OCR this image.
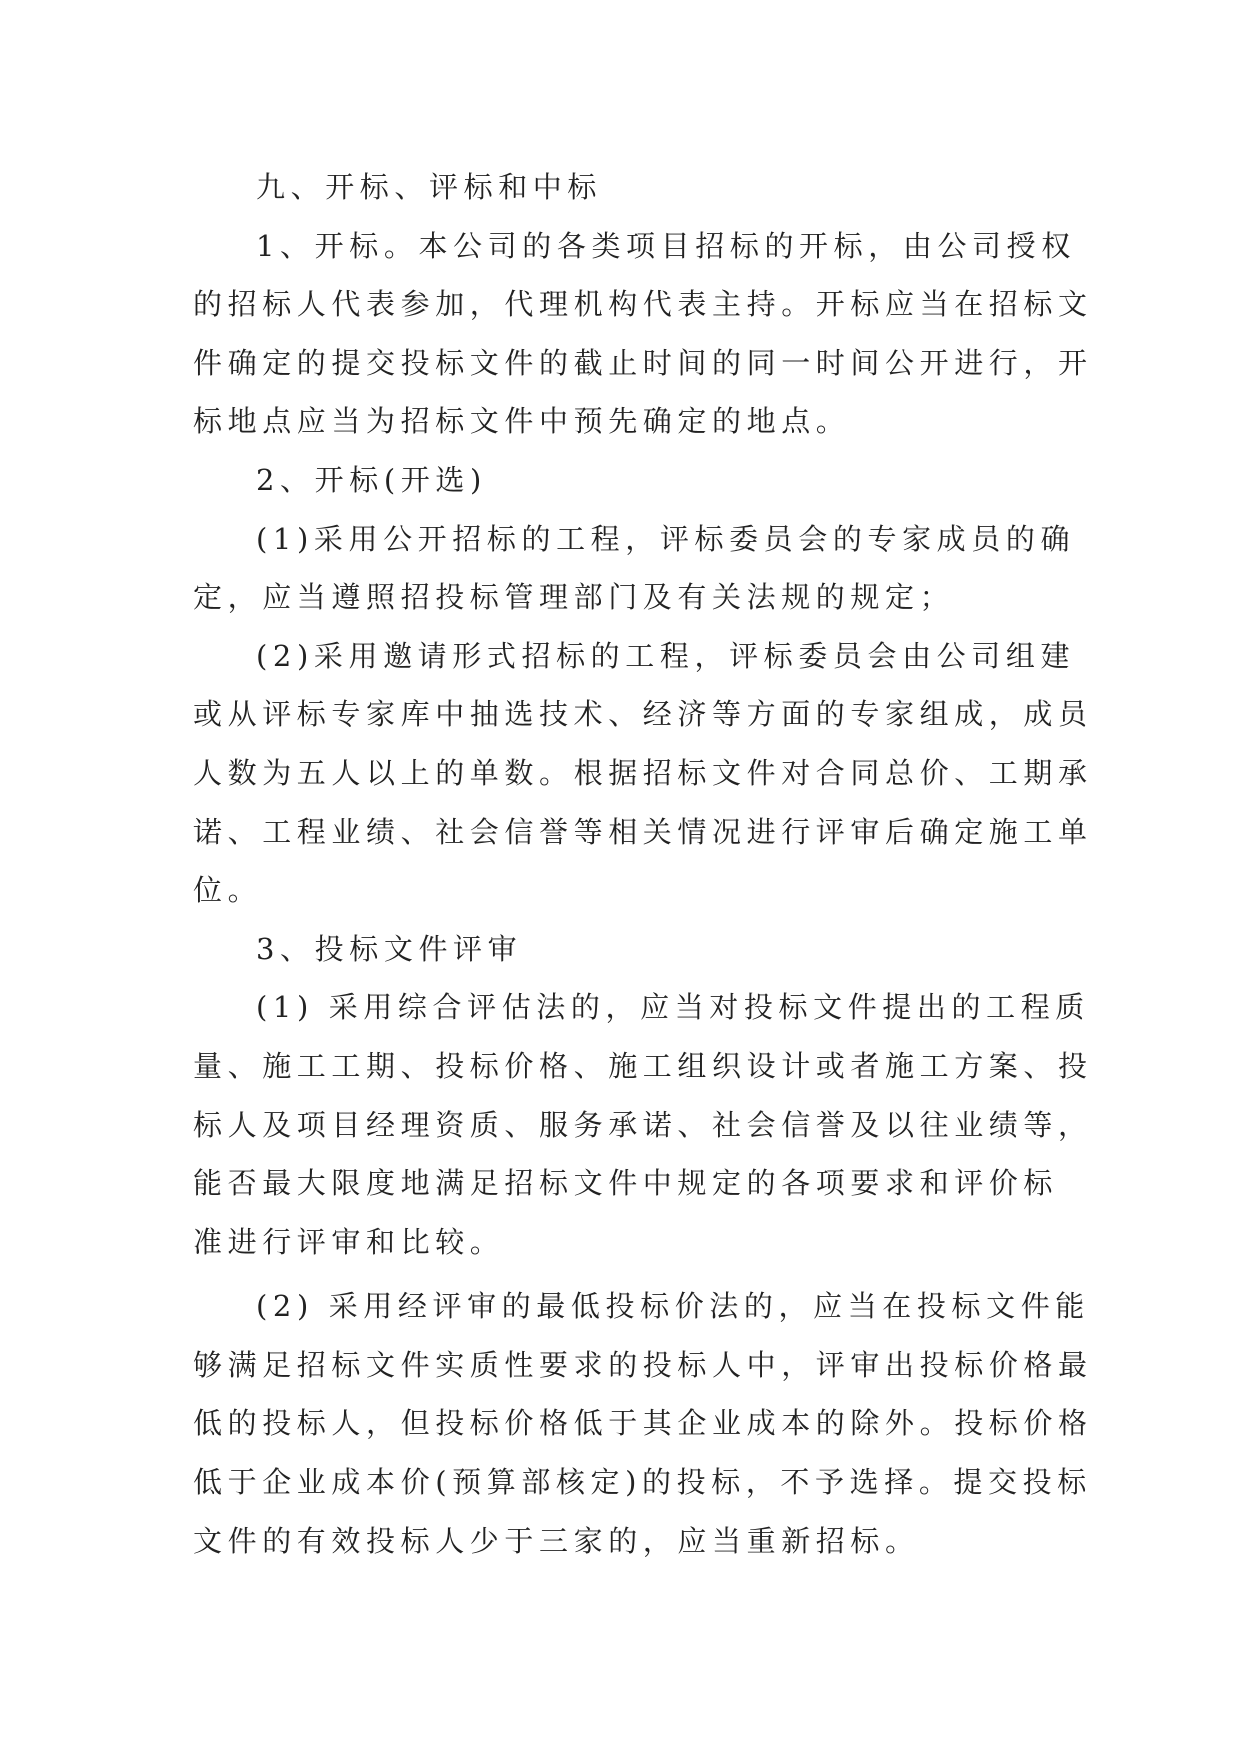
九、开标、评标和中标
1、开标。本公司的各类项目招标的开标，由公司授权
的招标人代表参加，代理机构代表主持。开标应当在招标文
件确定的提交投标文件的截止时间的同一时间公开进行，开
标地点应当为招标文件中预先确定的地点。
2、开标(开选)
(1)采用公开招标的工程，评标委员会的专家成员的确
定，应当遵照招投标管理部门及有关法规的规定；
(2)采用邀请形式招标的工程，评标委员会由公司组建
或从评标专家库中抽选技术、经济等方面的专家组成，成员
人数为五人以上的单数。根据招标文件对合同总价、工期承
诺、工程业绩、社会信誉等相关情况进行评审后确定施工单
位。
3、投标文件评审
(1) 采用综合评估法的，应当对投标文件提出的工程质
量、施工工期、投标价格、施工组织设计或者施工方案、投
标人及项目经理资质、服务承诺、社会信誉及以往业绩等，
能否最大限度地满足招标文件中规定的各项要求和评价标
准进行评审和比较。
(2) 采用经评审的最低投标价法的，应当在投标文件能
够满足招标文件实质性要求的投标人中，评审出投标价格最
低的投标人，但投标价格低于其企业成本的除外。投标价格
低于企业成本价(预算部核定)的投标，不予选择。提交投标
文件的有效投标人少于三家的，应当重新招标。
